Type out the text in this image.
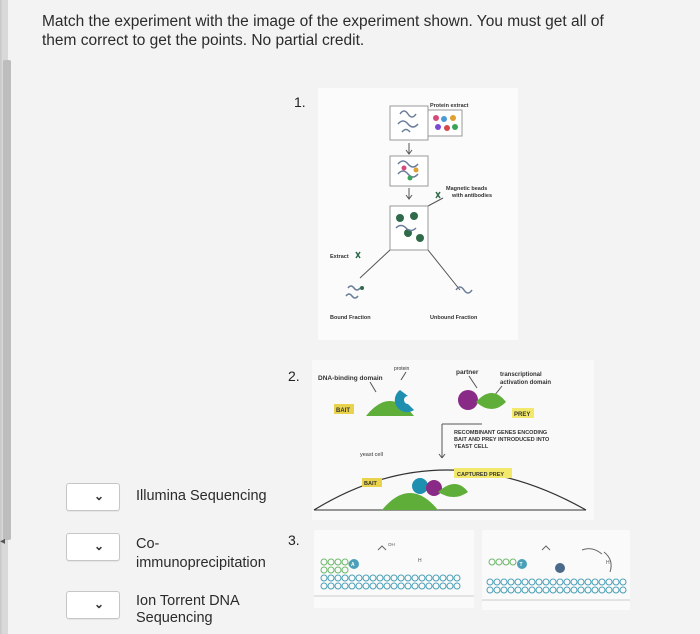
◂
Match the experiment with the image of the experiment shown. You must get all of them correct to get the points. No partial credit.
⌄ Illumina Sequencing
⌄ Co-
immunoprecipitation
⌄ Ion Torrent DNA
Sequencing
1.
2.
3.
Protein extract
Magnetic beads
with antibodies
Extract
Bound Fraction	Unbound Fraction
DNA-binding domain
protein	partner	transcriptional
activation domain
BAIT
PREY
RECOMBINANT GENES ENCODING
BAIT AND PREY INTRODUCED INTO
YEAST CELL
yeast cell
BAIT
CAPTURED PREY
A
OH
H
T	H
